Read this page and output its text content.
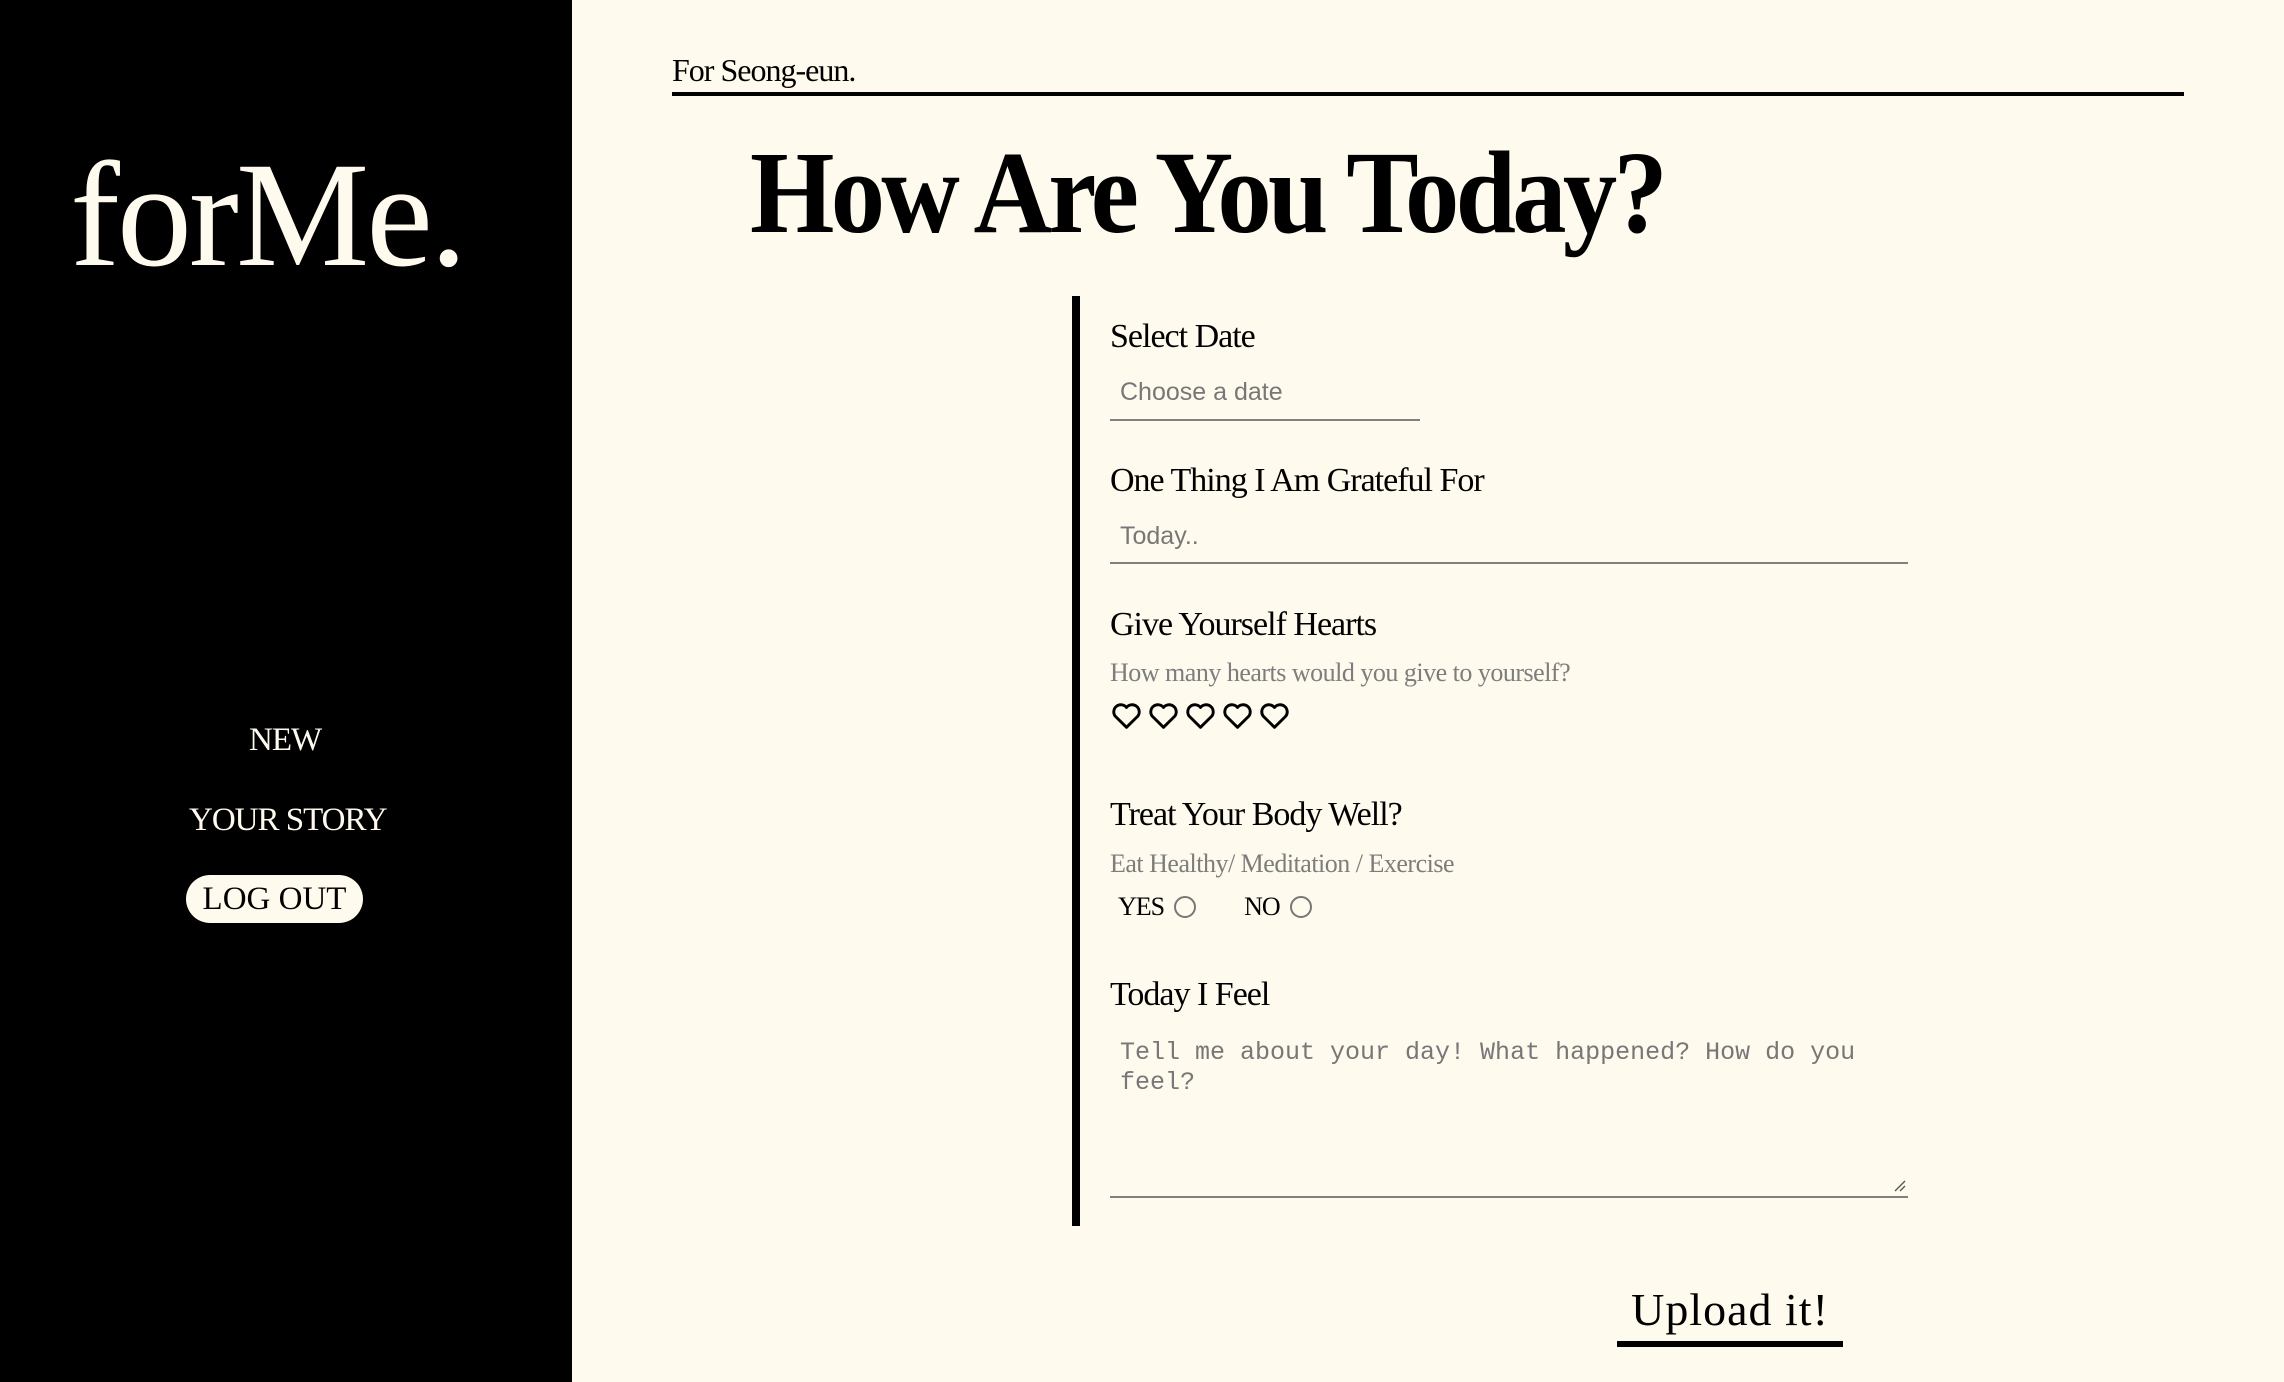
forMe.
NEW
YOUR STORY
LOG OUT
For Seong-eun.
How Are You Today?
Select Date
Choose a date
One Thing I Am Grateful For
Today..
Give Yourself Hearts
How many hearts would you give to yourself?
Treat Your Body Well?
Eat Healthy/ Meditation / Exercise
YES	NO
Today I Feel
Tell me about your day! What happened? How do you feel?
Upload it!
